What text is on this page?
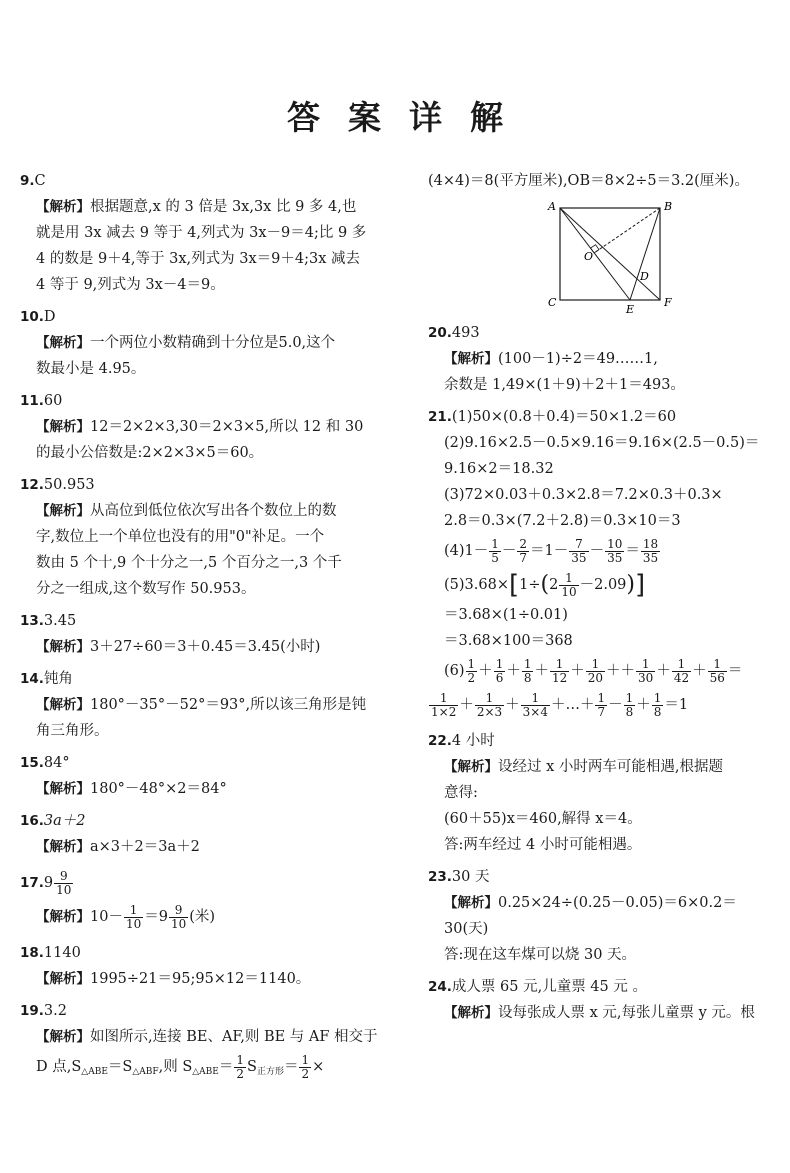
答案详解
9.C
【 解析 】 根据题意,x 的 3 倍是 3x,3x 比 9 多 4,也
就是用 3x 减去 9 等于 4,列式为 3x－9＝4;比 9 多
4 的数是 9＋4,等于 3x,列式为 3x＝9＋4;3x 减去
4 等于 9,列式为 3x－4＝9。
10.D
【 解析 】 一个两位小数精确到十分位是5.0,这个
数最小是 4.95。
11.60
【 解析 】 12＝2×2×3,30＝2×3×5,所以 12 和 30
的最小公倍数是:2×2×3×5＝60。
12.50.953
【 解析 】 从高位到低位依次写出各个数位上的数
字,数位上一个单位也没有的用"0"补足。一个
数由 5 个十,9 个十分之一,5 个百分之一,3 个千
分之一组成,这个数写作 50.953。
13.3.45
【 解析 】 3＋27÷60＝3＋0.45＝3.45(小时)
14.钝角
【 解析 】 180°－35°－52°＝93°,所以该三角形是钝
角三角形。
15.84°
【 解析 】 180°－48°×2＝84°
16.3a＋2
【 解析 】 a×3＋2＝3a＋2
$17.9 \frac{9}{10}$
【 解析 】 $10- \frac{1}{10} =9 \frac{9}{10}$ (米)
18.1140
【 解析 】 1995÷21＝95;95×12＝1140。
19.3.2
【 解析 】 如图所示,连接 BE、AF,则 BE 与 AF 相交于
D 点$,S_{\triangle ABE}=S_{\triangle ABF}$,则 $S_{\triangle ABE}= \frac{1}{2} S_{正方形}= \frac{1}{2}$ ×
(4×4)＝8(平方厘米),OB＝8×2÷5＝3.2(厘米)。
A	B
C
D
E
F
O
20.493
【 解析 】 (100－1)÷2＝49……1,
余数是 1,49×(1＋9)＋2＋1＝493。
21.(1)50×(0.8＋0.4)＝50×1.2＝60
(2)9.16×2.5－0.5×9.16＝9.16×(2.5－0.5)＝
9.16×2＝18.32
(3)72×0.03＋0.3×2.8＝7.2×0.3＋0.3×
2.8＝0.3×(7.2＋2.8)＝0.3×10＝3
$(4)1- \frac{1}{5} - \frac{2}{7} =1- \frac{7}{35} - \frac{10}{35} = \frac{18}{35}$
$(5)3.68\times[1\div(2 \frac{1}{10} -2.09)]$
＝3.68×(1÷0.01)
＝3.68×100＝368
$(6) \frac{1}{2} + \frac{1}{6} + \frac{1}{8} + \frac{1}{12} + \frac{1}{20} ++ \frac{1}{30} + \frac{1}{42} + \frac{1}{56}$ ＝
$\frac{1}{1\times 2} + \frac{1}{2\times 3} + \frac{1}{3\times 4}$ ＋…＋ $\frac{1}{7} - \frac{1}{8} + \frac{1}{8} =1$
22.4 小时
【 解析 】 设经过 x 小时两车可能相遇,根据题
意得:
(60＋55)x＝460,解得 x＝4。
答:两车经过 4 小时可能相遇。
23.30 天
【 解析 】 0.25×24÷(0.25－0.05)＝6×0.2＝
30(天)
答:现在这车煤可以烧 30 天。
24.成人票 65 元,儿童票 45 元 。
【 解析 】 设每张成人票 x 元,每张儿童票 y 元。根
